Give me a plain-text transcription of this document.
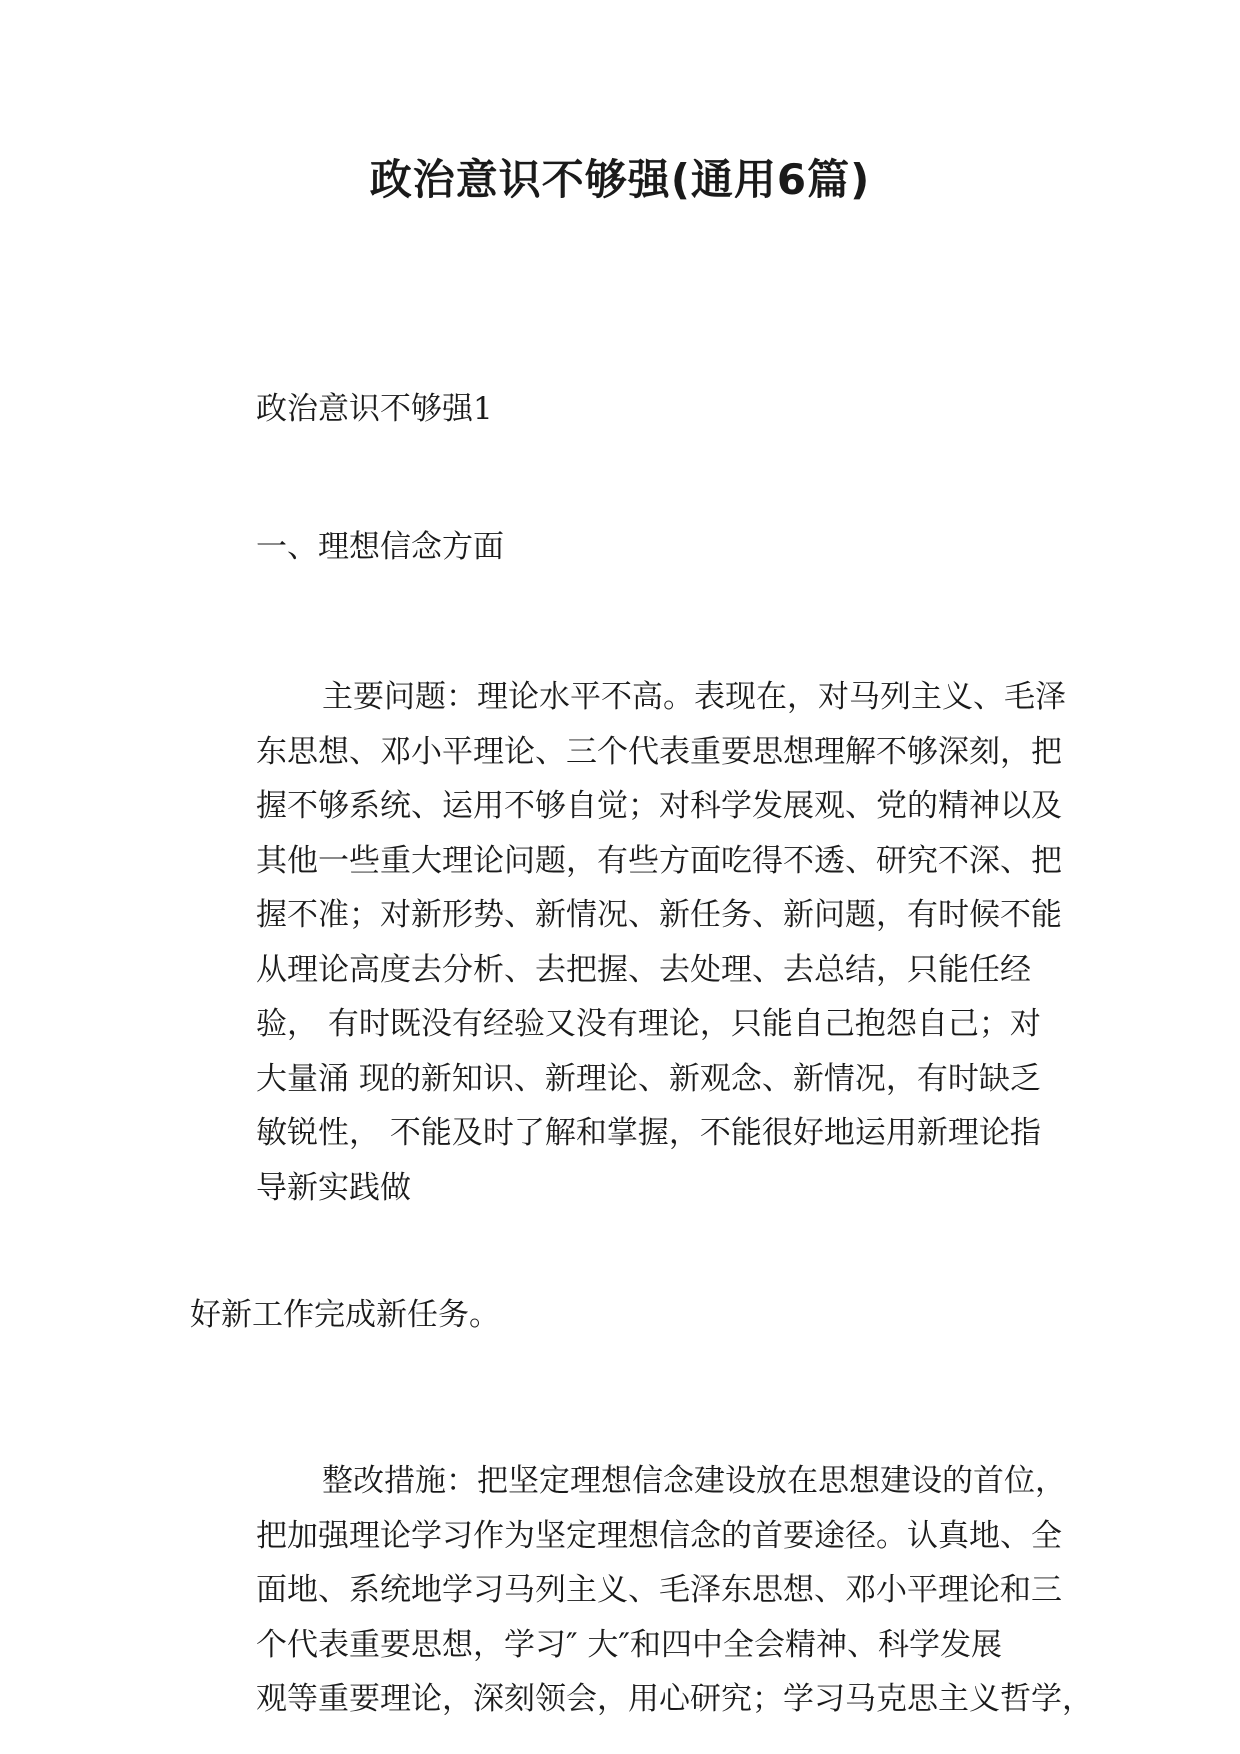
政治意识不够强(通用6篇)

政治意识不够强1

一、理想信念方面

主要问题：理论水平不高。表现在，对马列主义、毛泽
东思想、邓小平理论、三个代表重要思想理解不够深刻，把
握不够系统、运用不够自觉；对科学发展观、党的精神以及
其他一些重大理论问题，有些方面吃得不透、研究不深、把
握不准；对新形势、新情况、新任务、新问题，有时候不能
从理论高度去分析、去把握、去处理、去总结，只能任经
验， 有时既没有经验又没有理论，只能自己抱怨自己；对
大量涌 现的新知识、新理论、新观念、新情况，有时缺乏
敏锐性， 不能及时了解和掌握，不能很好地运用新理论指
导新实践做

好新工作完成新任务。

整改措施：把坚定理想信念建设放在思想建设的首位，
把加强理论学习作为坚定理想信念的首要途径。认真地、全
面地、系统地学习马列主义、毛泽东思想、邓小平理论和三
个代表重要思想，学习″ 大″和四中全会精神、科学发展
观等重要理论，深刻领会，用心研究；学习马克思主义哲学，
